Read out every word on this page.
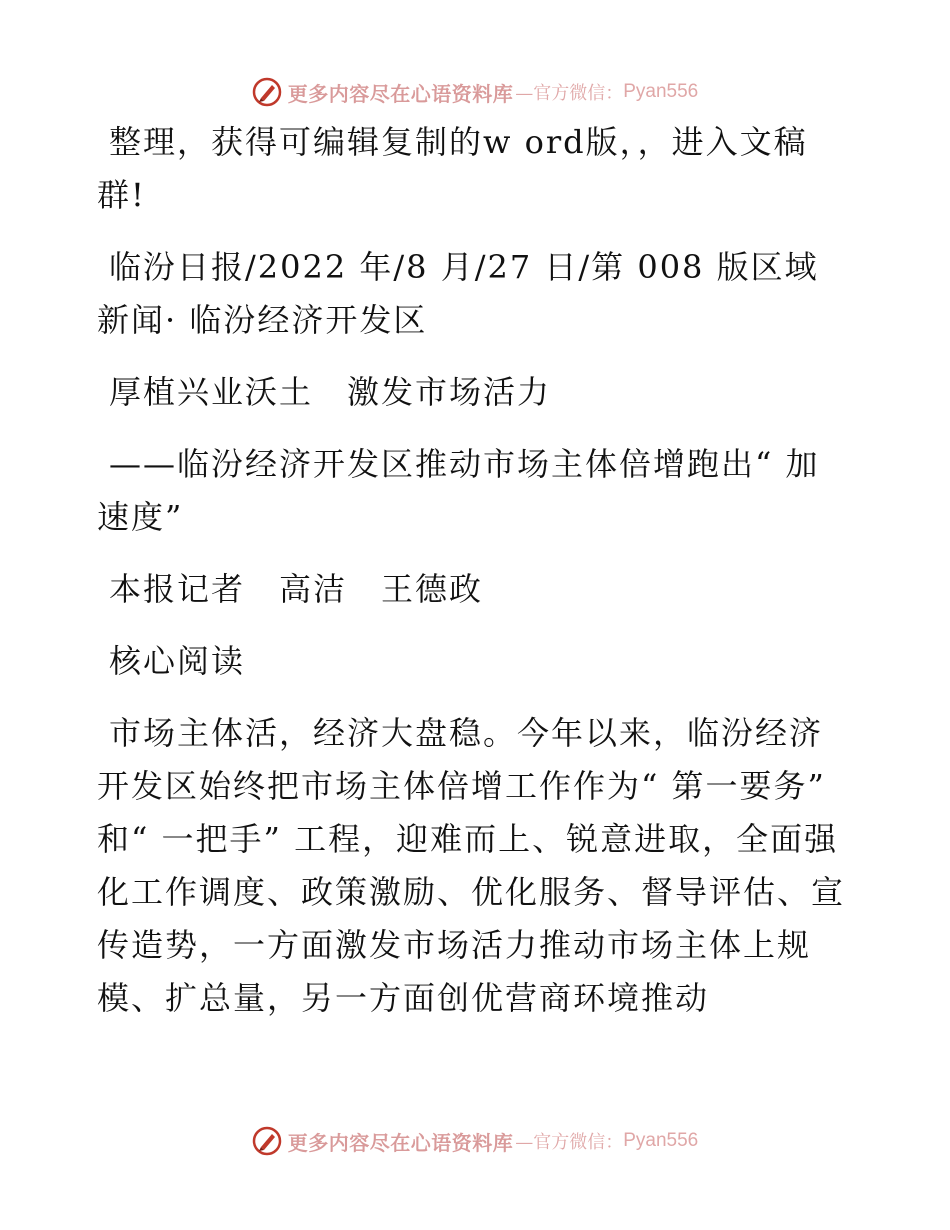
更多内容尽在心语资料库 —官方微信： Pyan556

整理，获得可编辑复制的w ord版，，进入文稿群!

临汾日报/2022 年/8 月/27 日/第 008 版区域新闻· 临汾经济开发区

厚植兴业沃土　激发市场活力

——临汾经济开发区推动市场主体倍增跑出“ 加速度”

本报记者　高洁　王德政

核心阅读

市场主体活，经济大盘稳。今年以来，临汾经济开发区始终把市场主体倍增工作作为“ 第一要务” 和“ 一把手” 工程，迎难而上、锐意进取，全面强化工作调度、政策激励、优化服务、督导评估、宣传造势，一方面激发市场活力推动市场主体上规模、扩总量，另一方面创优营商环境推动

更多内容尽在心语资料库 —官方微信： Pyan556
